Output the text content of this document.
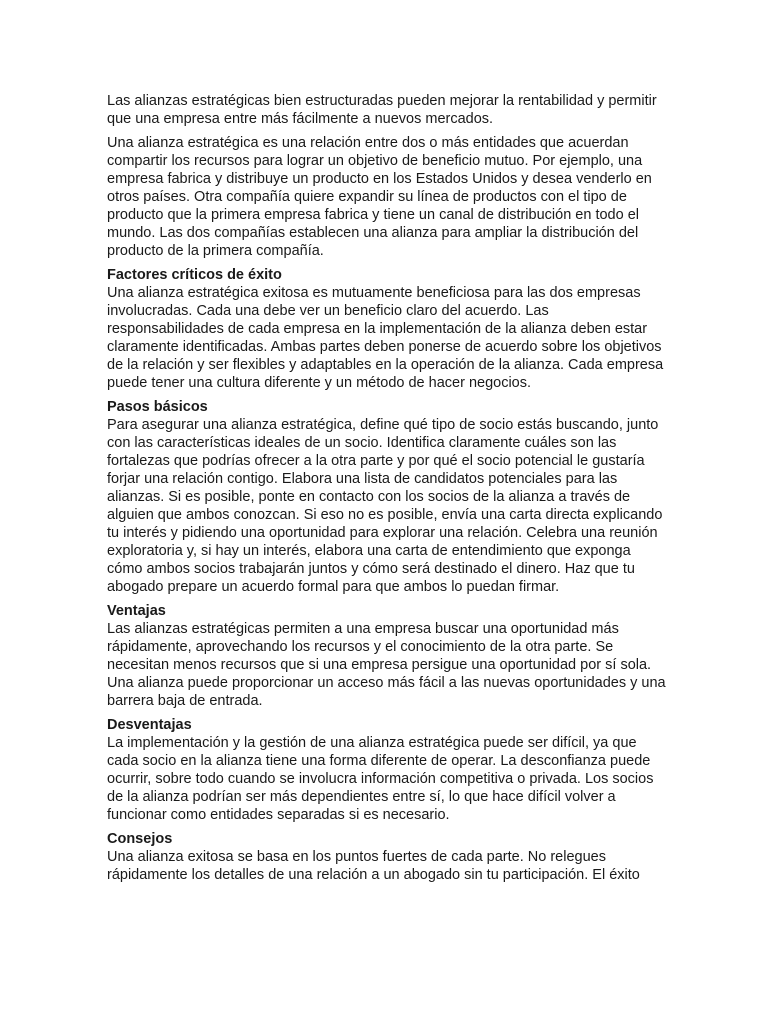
Las alianzas estratégicas bien estructuradas pueden mejorar la rentabilidad y permitir que una empresa entre más fácilmente a nuevos mercados.

Una alianza estratégica es una relación entre dos o más entidades que acuerdan compartir los recursos para lograr un objetivo de beneficio mutuo. Por ejemplo, una empresa fabrica y distribuye un producto en los Estados Unidos y desea venderlo en otros países. Otra compañía quiere expandir su línea de productos con el tipo de producto que la primera empresa fabrica y tiene un canal de distribución en todo el mundo. Las dos compañías establecen una alianza para ampliar la distribución del producto de la primera compañía.

Factores críticos de éxito

Una alianza estratégica exitosa es mutuamente beneficiosa para las dos empresas involucradas. Cada una debe ver un beneficio claro del acuerdo. Las responsabilidades de cada empresa en la implementación de la alianza deben estar claramente identificadas. Ambas partes deben ponerse de acuerdo sobre los objetivos de la relación y ser flexibles y adaptables en la operación de la alianza. Cada empresa puede tener una cultura diferente y un método de hacer negocios.

Pasos básicos

Para asegurar una alianza estratégica, define qué tipo de socio estás buscando, junto con las características ideales de un socio. Identifica claramente cuáles son las fortalezas que podrías ofrecer a la otra parte y por qué el socio potencial le gustaría forjar una relación contigo. Elabora una lista de candidatos potenciales para las alianzas. Si es posible, ponte en contacto con los socios de la alianza a través de alguien que ambos conozcan. Si eso no es posible, envía una carta directa explicando tu interés y pidiendo una oportunidad para explorar una relación. Celebra una reunión exploratoria y, si hay un interés, elabora una carta de entendimiento que exponga cómo ambos socios trabajarán juntos y cómo será destinado el dinero. Haz que tu abogado prepare un acuerdo formal para que ambos lo puedan firmar.

Ventajas

Las alianzas estratégicas permiten a una empresa buscar una oportunidad más rápidamente, aprovechando los recursos y el conocimiento de la otra parte. Se necesitan menos recursos que si una empresa persigue una oportunidad por sí sola. Una alianza puede proporcionar un acceso más fácil a las nuevas oportunidades y una barrera baja de entrada.

Desventajas

La implementación y la gestión de una alianza estratégica puede ser difícil, ya que cada socio en la alianza tiene una forma diferente de operar. La desconfianza puede ocurrir, sobre todo cuando se involucra información competitiva o privada. Los socios de la alianza podrían ser más dependientes entre sí, lo que hace difícil volver a funcionar como entidades separadas si es necesario.

Consejos

Una alianza exitosa se basa en los puntos fuertes de cada parte. No relegues rápidamente los detalles de una relación a un abogado sin tu participación. El éxito
